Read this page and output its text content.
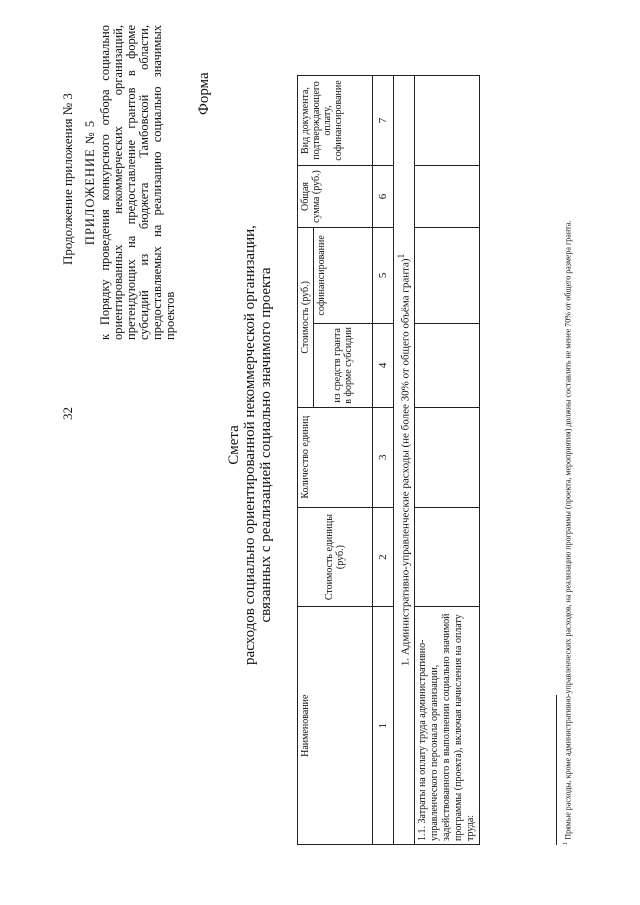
32
Продолжение приложения № 3 ПРИЛОЖЕНИЕ № 5 к Порядку проведения конкурсного отбора социально ориентированных некоммерческих организаций, претендующих на предоставление грантов в форме субсидий из бюджета Тамбовской области, предоставляемых на реализацию социально значимых проектов
Форма
Смета расходов социально ориентированной некоммерческой организации, связанных с реализацией социально значимого проекта
Наименование	Стоимость единицы (руб.)	Количество единиц	Стоимость (руб.)		Общая сумма (руб.)	Вид документа, подтверждающего оплату, софинансирование
			из средств гранта в форме субсидии	софинансирование		
1	2	3	4	5	6	7
1. Административно-управленческие расходы (не более 30% от общего объёма гранта)$^1$
1.1. Затраты на оплату труда административно-управленческого персонала организации, задействованного в выполнении социально значимой программы (проекта), включая начисления на оплату труда:						
$^1$ Прямые расходы, кроме административно-управленческих расходов, на реализацию программы (проекта, мероприятия) должны составлять не менее 70% от общего размера гранта.
